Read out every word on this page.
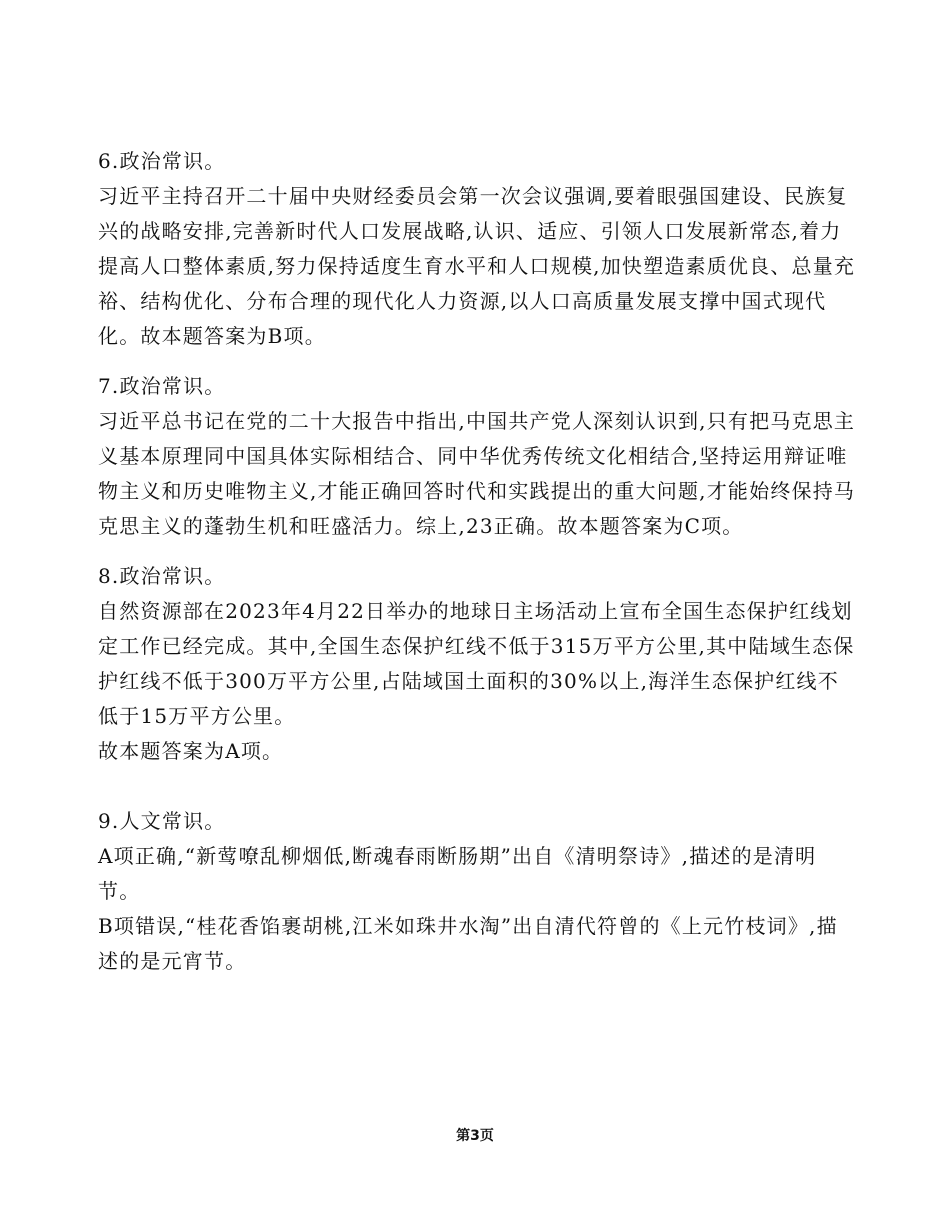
6.政治常识。

习近平主持召开二十届中央财经委员会第一次会议强调,要着眼强国建设、民族复兴的战略安排,完善新时代人口发展战略,认识、适应、引领人口发展新常态,着力提高人口整体素质,努力保持适度生育水平和人口规模,加快塑造素质优良、总量充裕、结构优化、分布合理的现代化人力资源,以人口高质量发展支撑中国式现代化。故本题答案为B项。

7.政治常识。

习近平总书记在党的二十大报告中指出,中国共产党人深刻认识到,只有把马克思主义基本原理同中国具体实际相结合、同中华优秀传统文化相结合,坚持运用辩证唯物主义和历史唯物主义,才能正确回答时代和实践提出的重大问题,才能始终保持马克思主义的蓬勃生机和旺盛活力。综上,23正确。故本题答案为C项。

8.政治常识。

自然资源部在2023年4月22日举办的地球日主场活动上宣布全国生态保护红线划定工作已经完成。其中,全国生态保护红线不低于315万平方公里,其中陆域生态保护红线不低于300万平方公里,占陆域国土面积的30%以上,海洋生态保护红线不低于15万平方公里。

故本题答案为A项。

9.人文常识。

A项正确,“新莺嘹乱柳烟低,断魂春雨断肠期”出自《清明祭诗》,描述的是清明节。

B项错误,“桂花香馅裹胡桃,江米如珠井水淘”出自清代符曾的《上元竹枝词》,描述的是元宵节。

第3页
